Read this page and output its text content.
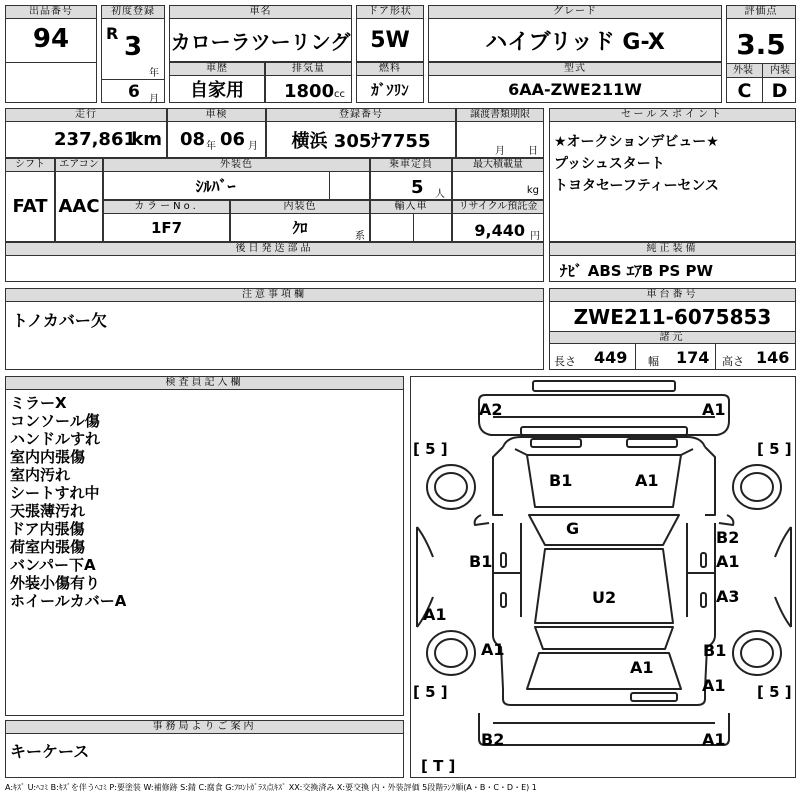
出品番号
94
初度登録
R 3
年
6 月
車名
カローラツーリング
ドア形状
5W
グレード
ハイブリッド G-X
評価点
3.5
外装 内装
C	D
車歴
自家用
排気量
1800 cc
燃料
ｶﾞｿﾘﾝ
型式
6AA-ZWE211W
走行
237,861
km
車検
08 年 06 月
登録番号
横浜 305ﾅ7755
譲渡書類期限
月 日
シフト
FAT
エアコン
AAC
外装色
ｼﾙﾊﾞｰ
乗車定員
5 人
最大積載量
kg
カラーNo.
1F7
内装色
ｸﾛ	系
輸入車	リサイクル預託金
9,440 円
後日発送部品
セールスポイント
★オークションデビュー★
プッシュスタート
トヨタセーフティーセンス
純正装備
ﾅﾋﾞ ABS ｴｱB PS PW
注意事項欄
トノカバー欠
車台番号
ZWE211-6075853
諸元
長さ 449 幅 174 高さ 146
検査員記入欄
ミラーX
コンソール傷
ハンドルすれ
室内内張傷
室内汚れ
シートすれ中
天張薄汚れ
ドア内張傷
荷室内張傷
バンパー下A
外装小傷有り
ホイールカバーA
事務局よりご案内
キーケース
A2	A1
B1	A1
G
B1
B2
A1
A1
U2	A3
A1	B1
A1
A1
B2	A1
[ 5 ]	[ 5 ]
[ 5 ]	[ 5 ]
[ T ]
A:ｷｽﾞ U:ﾍｺﾐ B:ｷｽﾞを伴うﾍｺﾐ P:要塗装 W:補修跡 S:錆 C:腐食 G:ﾌﾛﾝﾄｶﾞﾗｽ点ｷｽﾞ XX:交換済み X:要交換 内・外装評価 5段階ﾗﾝｸ順(A・B・C・D・E) 1
